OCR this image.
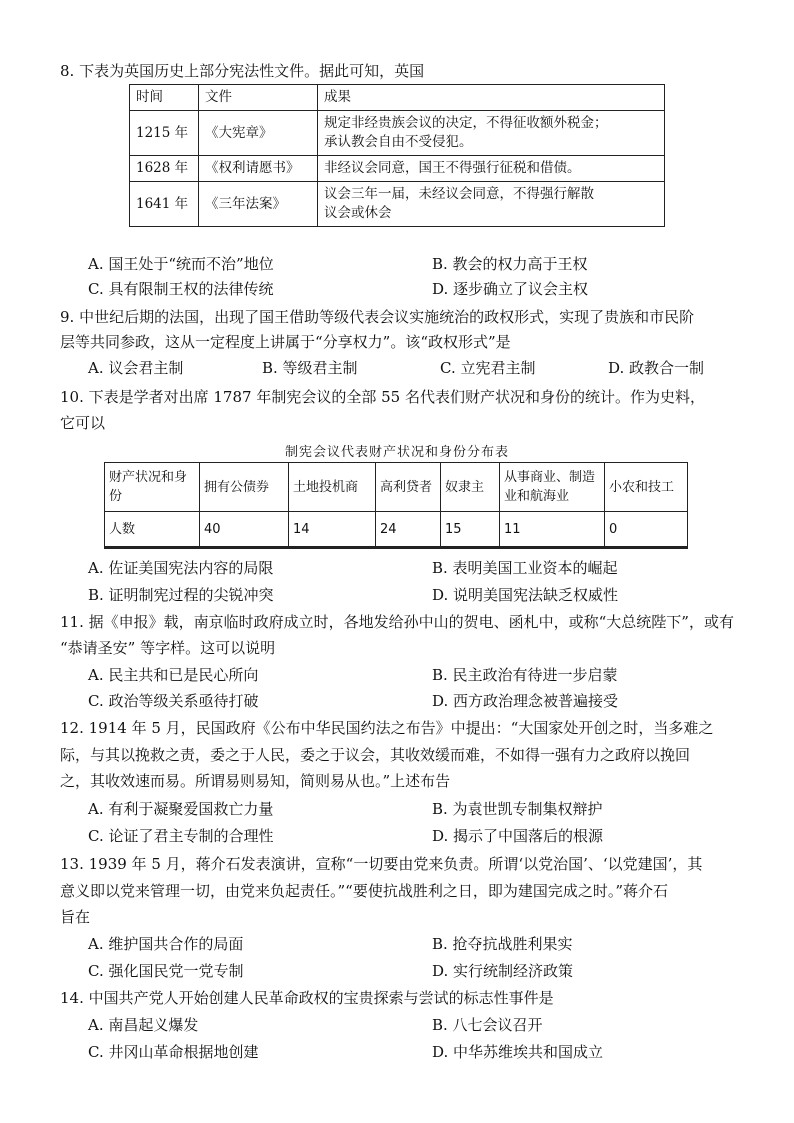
8. 下表为英国历史上部分宪法性文件。据此可知，英国
时间	文件	成果
1215 年	《大宪章》	规定非经贵族会议的决定，不得征收额外税金；
承认教会自由不受侵犯。

1628 年	《权利请愿书》	非经议会同意，国王不得强行征税和借债。
1641 年	《三年法案》	议会三年一届，未经议会同意，不得强行解散
议会或休会
A. 国王处于“统而不治”地位	B. 教会的权力高于王权
C. 具有限制王权的法律传统	D. 逐步确立了议会主权
9. 中世纪后期的法国，出现了国王借助等级代表会议实施统治的政权形式，实现了贵族和市民阶
层等共同参政，这从一定程度上讲属于“分享权力”。该“政权形式”是
A. 议会君主制	B. 等级君主制	C. 立宪君主制	D. 政教合一制
10. 下表是学者对出席 1787 年制宪会议的全部 55 名代表们财产状况和身份的统计。作为史料，
它可以
制宪会议代表财产状况和身份分布表
财产状况和身份	拥有公债券	土地投机商	高利贷者	奴隶主	从事商业、制造业和航海业	小农和技工
人数	40	14	24	15	11	0
A. 佐证美国宪法内容的局限	B. 表明美国工业资本的崛起
B. 证明制宪过程的尖锐冲突	D. 说明美国宪法缺乏权威性
11. 据《申报》载，南京临时政府成立时，各地发给孙中山的贺电、函札中，或称“大总统陛下”，或有
“恭请圣安” 等字样。这可以说明
A. 民主共和已是民心所向	B. 民主政治有待进一步启蒙
C. 政治等级关系亟待打破	D. 西方政治理念被普遍接受
12. 1914 年 5 月，民国政府《公布中华民国约法之布告》中提出：“大国家处开创之时，当多难之
际，与其以挽救之责，委之于人民，委之于议会，其收效缓而难，不如得一强有力之政府以挽回
之，其收效速而易。所谓易则易知，简则易从也。”上述布告
A. 有利于凝聚爱国救亡力量	B. 为袁世凯专制集权辩护
C. 论证了君主专制的合理性	D. 揭示了中国落后的根源
13. 1939 年 5 月，蒋介石发表演讲，宣称“一切要由党来负责。所谓‘以党治国’、‘以党建国’，其
意义即以党来管理一切，由党来负起责任。”“要使抗战胜利之日，即为建国完成之时。”蒋介石
旨在
A. 维护国共合作的局面	B. 抢夺抗战胜利果实
C. 强化国民党一党专制	D. 实行统制经济政策
14. 中国共产党人开始创建人民革命政权的宝贵探索与尝试的标志性事件是
A. 南昌起义爆发	B. 八七会议召开
C. 井冈山革命根据地创建	D. 中华苏维埃共和国成立
